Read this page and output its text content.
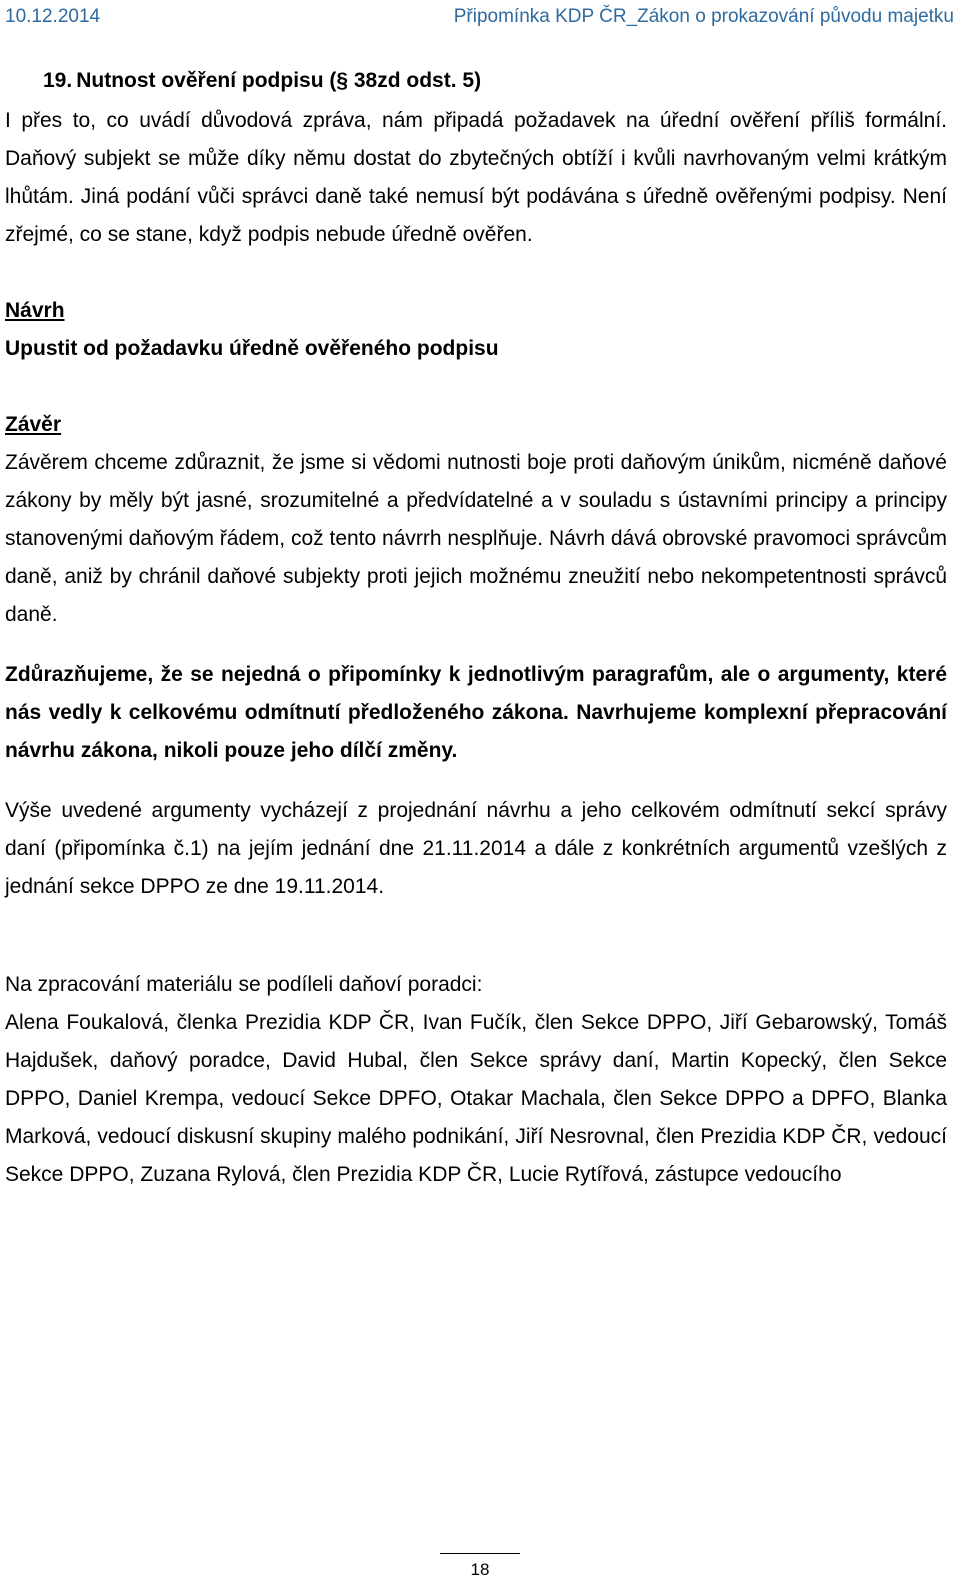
10.12.2014	Připomínka KDP ČR_Zákon o prokazování původu majetku
19. Nutnost ověření podpisu (§ 38zd odst. 5)

I přes to, co uvádí důvodová zpráva, nám připadá požadavek na úřední ověření příliš formální. Daňový subjekt se může díky němu dostat do zbytečných obtíží i kvůli navrhovaným velmi krátkým lhůtám. Jiná podání vůči správci daně také nemusí být podávána s úředně ověřenými podpisy. Není zřejmé, co se stane, když podpis nebude úředně ověřen.

Návrh
Upustit od požadavku úředně ověřeného podpisu
Závěr

Závěrem chceme zdůraznit, že jsme si vědomi nutnosti boje proti daňovým únikům, nicméně daňové zákony by měly být jasné, srozumitelné a předvídatelné a v souladu s ústavními principy a principy stanovenými daňovým řádem, což tento návrrh nesplňuje. Návrh dává obrovské pravomoci správcům daně, aniž by chránil daňové subjekty proti jejich možnému zneužití nebo nekompetentnosti správců daně.

Zdůrazňujeme, že se nejedná o připomínky k jednotlivým paragrafům, ale o argumenty, které nás vedly k celkovému odmítnutí předloženého zákona. Navrhujeme komplexní přepracování návrhu zákona, nikoli pouze jeho dílčí změny.

Výše uvedené argumenty vycházejí z projednání návrhu a jeho celkovém odmítnutí sekcí správy daní (připomínka č.1) na jejím jednání dne 21.11.2014 a dále z konkrétních argumentů vzešlých z jednání sekce DPPO ze dne 19.11.2014.

Na zpracování materiálu se podíleli daňoví poradci:

Alena Foukalová, členka Prezidia KDP ČR, Ivan Fučík, člen Sekce DPPO, Jiří Gebarowský, Tomáš Hajdušek, daňový poradce, David Hubal, člen Sekce správy daní, Martin Kopecký, člen Sekce DPPO, Daniel Krempa, vedoucí Sekce DPFO, Otakar Machala, člen Sekce DPPO a DPFO, Blanka Marková, vedoucí diskusní skupiny malého podnikání, Jiří Nesrovnal, člen Prezidia KDP ČR, vedoucí Sekce DPPO, Zuzana Rylová, člen Prezidia KDP ČR, Lucie Rytířová, zástupce vedoucího

18
